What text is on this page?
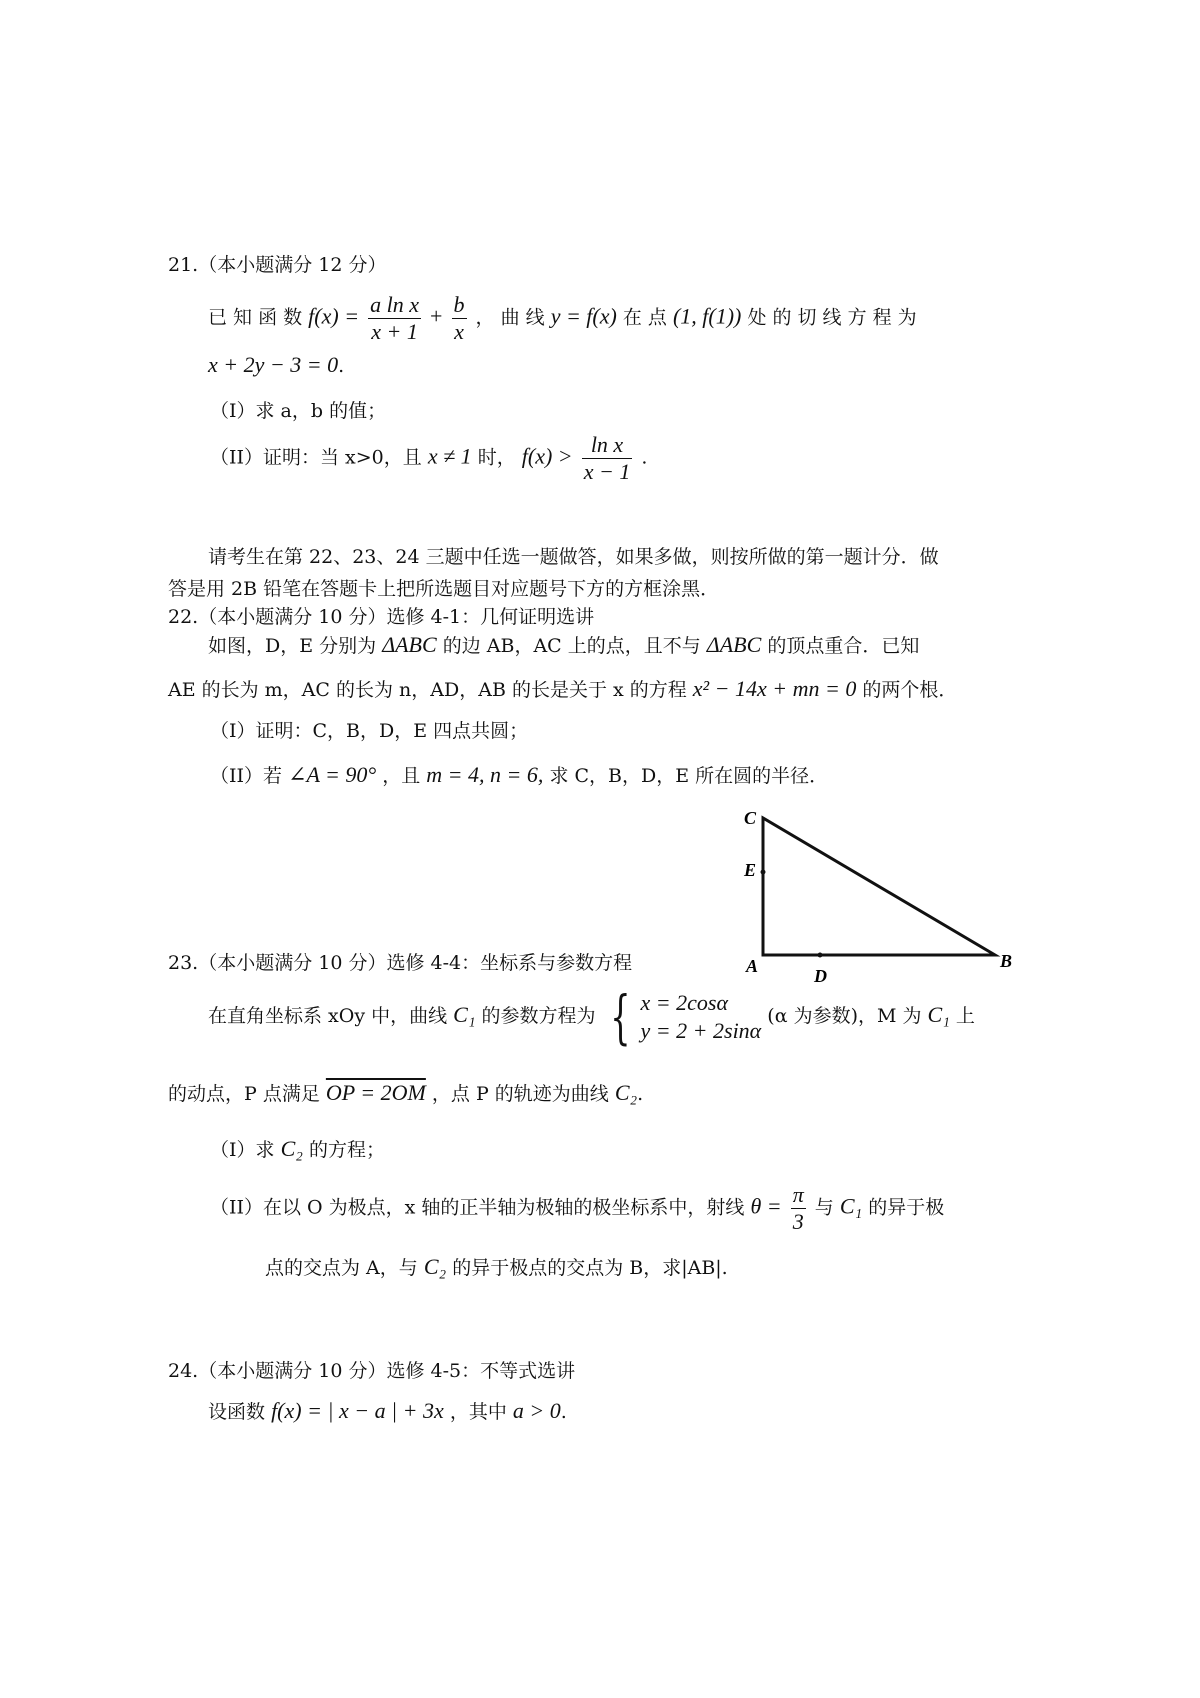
21.（本小题满分 12 分）
已 知 函 数 $f(x) = \frac{\text{a ln x}}{x + 1} + \frac{b}{x}$ ， 曲 线 y = f(x) 在 点 (1, f(1)) 处 的 切 线 方 程 为
x + 2y − 3 = 0.
（I）求 a，b 的值；
（II）证明：当 x>0，且 x ≠ 1 时， $f(x) > \frac{\text{ln x}}{x - 1}$ .
请考生在第 22、23、24 三题中任选一题做答，如果多做，则按所做的第一题计分．做
答是用 2B 铅笔在答题卡上把所选题目对应题号下方的方框涂黑．
22.（本小题满分 10 分）选修 4-1：几何证明选讲
如图，D，E 分别为 ΔABC 的边 AB，AC 上的点，且不与 ΔABC 的顶点重合．已知
AE 的长为 m，AC 的长为 n，AD，AB 的长是关于 x 的方程 x² − 14x + mn = 0 的两个根．
（I）证明：C，B，D，E 四点共圆；
（II）若 ∠A = 90° ，且 m = 4, n = 6, 求 C，B，D，E 所在圆的半径．
C
E
A	D
B
23.（本小题满分 10 分）选修 4-4：坐标系与参数方程
在直角坐标系 xOy 中，曲线 C₁ 的参数方程为 { x = 2cosα
y = 2 + 2sinα
(α 为参数)，M 为 C₁ 上
的动点，P 点满足 OP = 2OM ，点 P 的轨迹为曲线 C₂.
（I）求 C₂ 的方程；
（II）在以 O 为极点，x 轴的正半轴为极轴的极坐标系中，射线 $\theta = \frac{\pi}{3}$ 与 C₁ 的异于极
点的交点为 A，与 C₂ 的异于极点的交点为 B，求|AB|.
24.（本小题满分 10 分）选修 4-5：不等式选讲
设函数 f(x) = | x − a | + 3x ，其中 a > 0.
